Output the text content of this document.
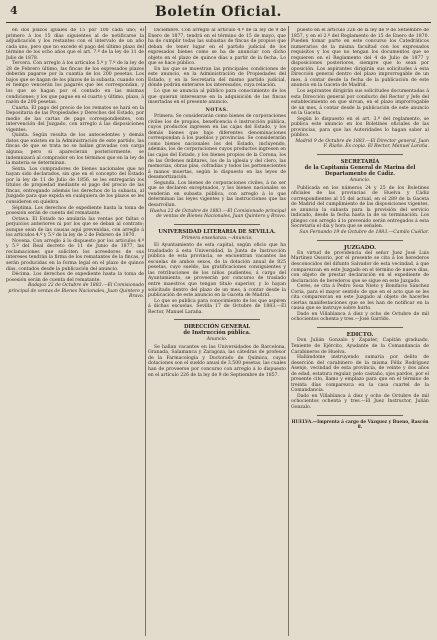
4	Boletín Oficial.

en dos plazos iguales de 15 por 100 cada uno; el primero á los 15 días siguientes al de notificarse la adjudicación y los restantes con el intervalo de un año cada uno, pero que no excede el pago del último plazo del término de los ocho años que el art. 7.º de la ley de 11 de Julio de 1878.

Tercera. Con arreglo á los artículos 5.º y 7.º de la ley de 28 de Febrero último, las fincas de los expresados plazos deberán pagarse por la cuantía de los 200 pesetas. Los bajos que se hagan de los plazos de la subasta, cuando con el tiempo vencerán los pagarés que les correspondan, y los que se hagan por el contado en las mismas condiciones; y los que pague en el cuarto y último, plazo, á razón de 200 pesetas.

Cuarta. El pago del precio de los remates se hará en la Depositaria de las Propiedades y Derechos del Estado, por medio de las cartas de pago correspondientes, con intervención del Juzgado, con arreglo á las disposiciones vigentes.

Quinta. Según resulta de los antecedentes y demás datos que existen en la Administración de este partido, las fincas de que se trata no se hallan gravadas con carga alguna; pero si aparecieran posteriormente, se indemnizará al comprador en los términos que en la ley de la materia se determinan.

Sexta. Los compradores de bienes nacionales que no hayan sido declarados, sin que en el concepto del Estado por la ley de 11 de Julio de 1856, se les entregarán los títulos de propiedad mediante el pago del precio de las fincas, entregando además los derechos de la subasta, al Juzgado para que expida en cualquiera de los plazos se les consideren en quiebra.

Séptima. Los derechos de expediente hasta la toma de posesión serán de cuenta del rematante.

Octava. El Estado no anularía las ventas por faltas o perjuicios anteriores ni por los que se deban al contrato; aunque sean de las causas aquí prevenidas, con arreglo á los artículos 4.º y 5.º de la ley de 2 de Febrero de 1870.

Novena. Con arreglo á lo dispuesto por los artículos 4.º y 5.º del Real decreto de 11 de Junio de 1877, las reclamaciones que soliciten los acreedores de sus intereses tendrán la firma de los rematantes de la fincas, y serán producidas en la forma legal en el plazo de quince días, contados desde la publicación del anuncio.

Décima. Los derechos de expediente hasta la toma de posesión serán de cuenta del rematante.

Badajoz 22 de Octubre de 1883.—El Comisionado principal de ventas de Bienes Nacionales, Juan Quintero y Bravo.

Diciembre. Con arreglo al artículo 4.º de la ley de 9 de Enero de 1877, tendrá en el término de 15 de mayo, que ha de cumplir todas las subastas de fincas de propios que deban de tener lugar en el partido judicial de los expresados bienes como se ha de anunciar con dicho objeto en el plazo de quince días a partir de la fecha. Lo que se hace público.

En las que se muestran las principales condiciones de este anuncio, en la Administración de Propiedades del Estado, y en la Secretaría del mismo partido judicial, dónde podrán enterarse los interesados, cuya relación.

Lo que se anuncia al público para conocimiento de los que quieran interesarse en la adquisición de las fincas insertadas en el presente anuncio.

NOTAS.

Primera. Se considerarán como bienes de corporaciones civiles los de propios, beneficencia é instrucción pública, cuyos productos ingresen en las cajas del Estado, y los demás bienes que bajo diferentes denominaciones correspondan á los pueblos y provincias. Se considerarán como bienes nacionales los del Estado, incluyendo, además, los de corporaciones cuyos productos ingresen en las cajas del Estado, y los bienes propios de la Corona, los de las Órdenes militares, los de la iglesia y del clero, las memorias, obras pías, cofradías y todos los pertenecientes á manos muertas, según lo dispuesto en las leyes de desamortización.

Segunda. Los bienes de corporaciones civiles, á no ser que se declaren exceptuados, y los bienes nacionales se venderán en subasta pública, con arreglo á lo que determinan las leyes vigentes y las instrucciones que las desarrollan.

Huelva 22 de Octubre de 1883.—El Comisionado principal de ventas de Bienes Nacionales, Juan Quintero y Bravo.

UNIVERSIDAD LITERARIA DE SEVILLA.
Primera enseñanza.—Anuncio.

El Ayuntamiento de esta capital, según oficio que ha trasladado á esta Universidad, la Junta de Instrucción pública de esta provincia, se encuentran vacantes las escuelas de ambos sexos, de la dotación anual de 825 pesetas, cuyo sueldo, las gratificaciones consiguientes y las retribuciones de los niños pudientes, á cargo del Ayuntamiento, se proveerán por concurso de traslado entre maestros que tengan título superior, y lo hayan solicitado dentro del plazo de un mes, á contar desde la publicación de este anuncio en la Gaceta de Madrid.

Lo que se publica para conocimiento de los que aspiren á dichas escuelas. Sevilla 17 de Octubre de 1883.—El Rector, Manuel Laraña.

DIRECCIÓN GENERAL
de Instrucción pública.
Anuncio.

Se hallan vacantes en las Universidades de Barcelona, Granada, Salamanca y Zaragoza, las cátedras de profesor de la Farmacología y Doctorado de Química, cuyas dotaciones son el sueldo anual de 3.500 pesetas, las cuales han de proveerse por concurso con arreglo á lo dispuesto en el artículo 226 de la ley de 9 de Septiembre de 1857.

puesto en el artículo 226 de la ley de 9 de Setiembre de 1857, y en el 2.º del Reglamento de 15 de Enero de 1870. Pueden tomar parte en este concurso los Catedráticos numerarios de la misma facultad con los expresados requisitos y los que no tengan los documentos que se requieren en el Reglamento del 4 de Julio de 1877 y disposiciones posteriores, siempre que lo sean por oposición. Los aspirantes dirigirán sus solicitudes á esta Dirección general dentro del plazo improrrogable de un mes, á contar desde la fecha de la publicación de este anuncio en la Gaceta de Madrid.

Los aspirantes dirigirán sus solicitudes documentadas á esta Dirección general por conducto del Rector y Jefe del establecimiento en que sirvan, en el plazo improrrogable de un mes, á contar desde la publicación de este anuncio en la Gaceta.

Según lo dispuesto en el art. 3.º del reglamento, se publica este anuncio en los Boletines oficiales de las provincias, para que las Autoridades lo hagan saber al público.

Madrid 9 de Octubre de 1883.—El Director general, Juan F. Riaño. Es copia. El Rector, Manuel Laraña.

SECRETARÍA
de la Capitanía General de Marina del Departamento de Cádiz.
Anuncio.

Publicada en los números 24 y 25 de los Boletines oficiales de las provincias de Huelva y Cádiz correspondientes al 15 del actual, en el 289 de la Gaceta de Madrid del cumplimiento de las disposiciones vigentes, se anuncia la subasta para la provisión del servicio indicado, desde la fecha hasta la de su terminación. Los pliegos con arreglo á lo prevenido serán entregados á esta Secretaría el día y hora que se señalen.

San Fernando 19 de Octubre de 1883.—Camilo Cuéllar.

JUZGADO.

En virtud de providencia del señor Juez José Luis Martínez Ossorio, por el presente se cita á los herederos desconocidos del difunto Salvador de esta vecindad, á que comparezcan en este Juzgado en el término de nueve días, con objeto de prestar declaración en el expediente de declaración de herederos que se sigue en este Juzgado.

Ceres, se cita á Pedro Sosa Nieto y Bonifacio Sánchez Coria, para el mayor sentido de que en el acto que se les cita comparezcan en este Juzgado al objeto de hacerles ciertas manifestaciones que se les han de notificar en la causa que se instruye sobre hurto.

Dado en Villablanca á diez y ocho de Octubre de mil ochocientos ochenta y tres.—José Garrido.

EDICTO.

Don Julián Gonzalo y Zapater, Capitán graduado, Teniente de Ejército, Ayudante de la Comandancia de Carabineros de Huelva.

Hallándome instruyendo sumaria por delito de deserción del carabinero de la misma Félix Rodríguez Asenjo, vecindad de esta provincia, de veinte y dos años de edad, estatura regular, pelo castaño, ojos pardos, por el presente cito, llamo y emplazo para que en el término de treinta días comparezca en la casa cuartel de la Comandancia.

Dado en Villablanca á diez y ocho de Octubre de mil ochocientos ochenta y tres.—El Juez Instructor, Julián Gonzalo.

HUELVA.—Imprenta á cargo de Vázquez y Bueno, Rascón 8.
